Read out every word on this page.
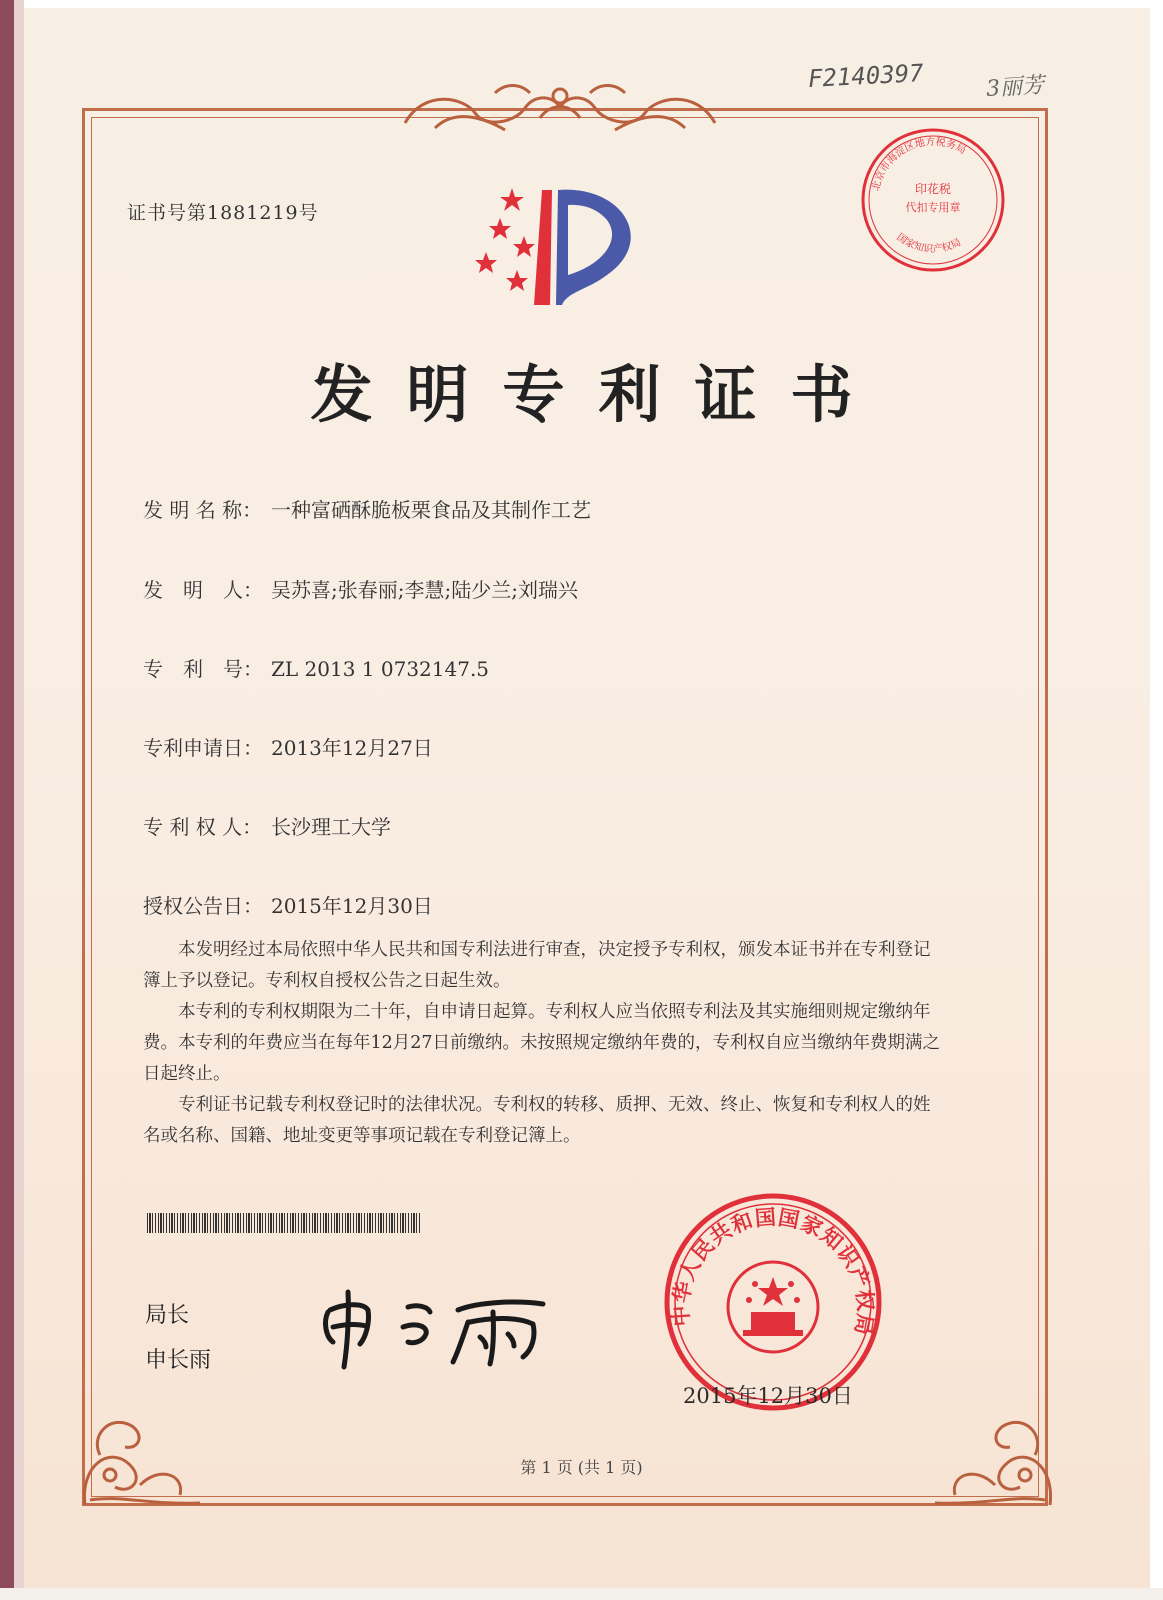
F2140397	3丽芳
证书号第1881219号
印花税
代扣专用章
北京市海淀区地方税务局
国家知识产权局
发明专利证书
发 明 名 称： 一种富硒酥脆板栗食品及其制作工艺
发　明　人： 吴苏喜;张春丽;李慧;陆少兰;刘瑞兴
专　利　号： ZL 2013 1 0732147.5
专利申请日： 2013年12月27日
专 利 权 人： 长沙理工大学
授权公告日： 2015年12月30日

本发明经过本局依照中华人民共和国专利法进行审查，决定授予专利权，颁发本证书并在专利登记簿上予以登记。专利权自授权公告之日起生效。

本专利的专利权期限为二十年，自申请日起算。专利权人应当依照专利法及其实施细则规定缴纳年费。本专利的年费应当在每年12月27日前缴纳。未按照规定缴纳年费的，专利权自应当缴纳年费期满之日起终止。

专利证书记载专利权登记时的法律状况。专利权的转移、质押、无效、终止、恢复和专利权人的姓名或名称、国籍、地址变更等事项记载在专利登记簿上。

局长
申长雨
中华人民共和国国家知识产权局
2015年12月30日
第 1 页 (共 1 页)
